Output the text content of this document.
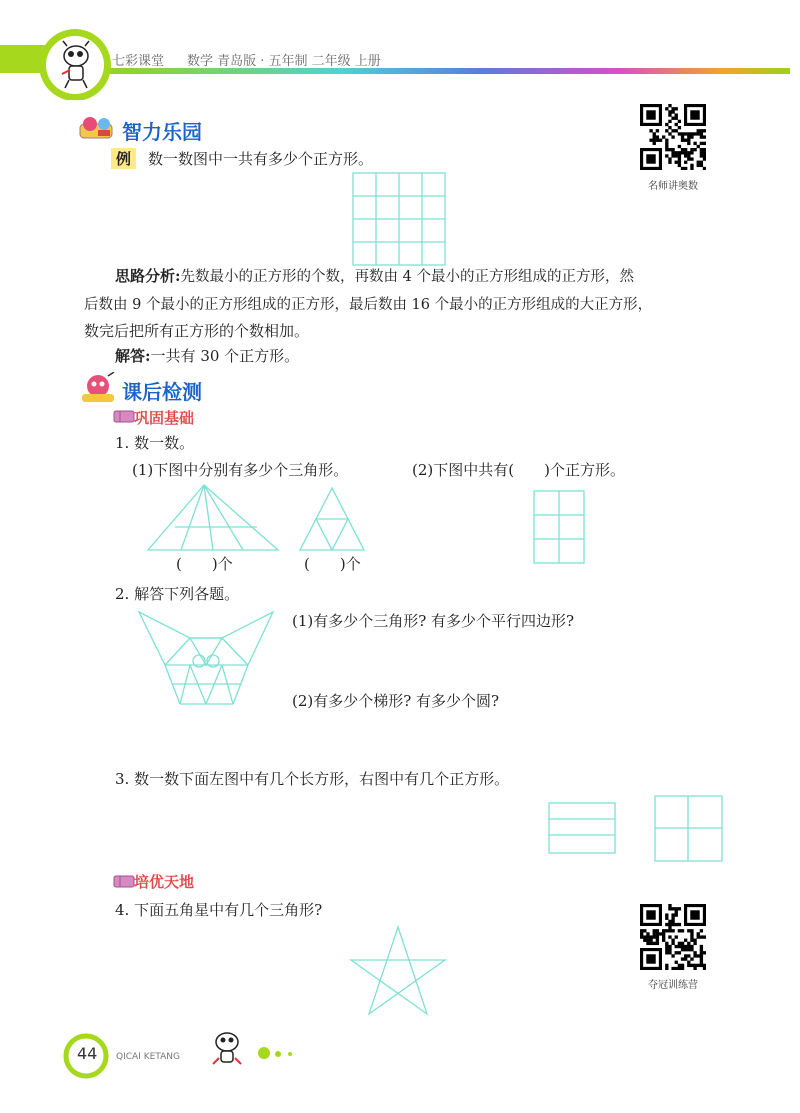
七彩课堂 数学 青岛版 · 五年制 二年级 上册
智力乐园
例	数一数图中一共有多少个正方形。
名师讲奥数
思路分析:先数最小的正方形的个数，再数由 4 个最小的正方形组成的正方形，然
后数由 9 个最小的正方形组成的正方形，最后数由 16 个最小的正方形组成的大正方形，
数完后把所有正方形的个数相加。
解答:一共有 30 个正方形。
课后检测
巩固基础
1. 数一数。
(1)下图中分别有多少个三角形。	(2)下图中共有(　　)个正方形。
(　　)个	(　　)个
2. 解答下列各题。
(1)有多少个三角形? 有多少个平行四边形?
(2)有多少个梯形? 有多少个圆?
3. 数一数下面左图中有几个长方形，右图中有几个正方形。
培优天地
4. 下面五角星中有几个三角形?
夺冠训练营
44 QICAI KETANG
